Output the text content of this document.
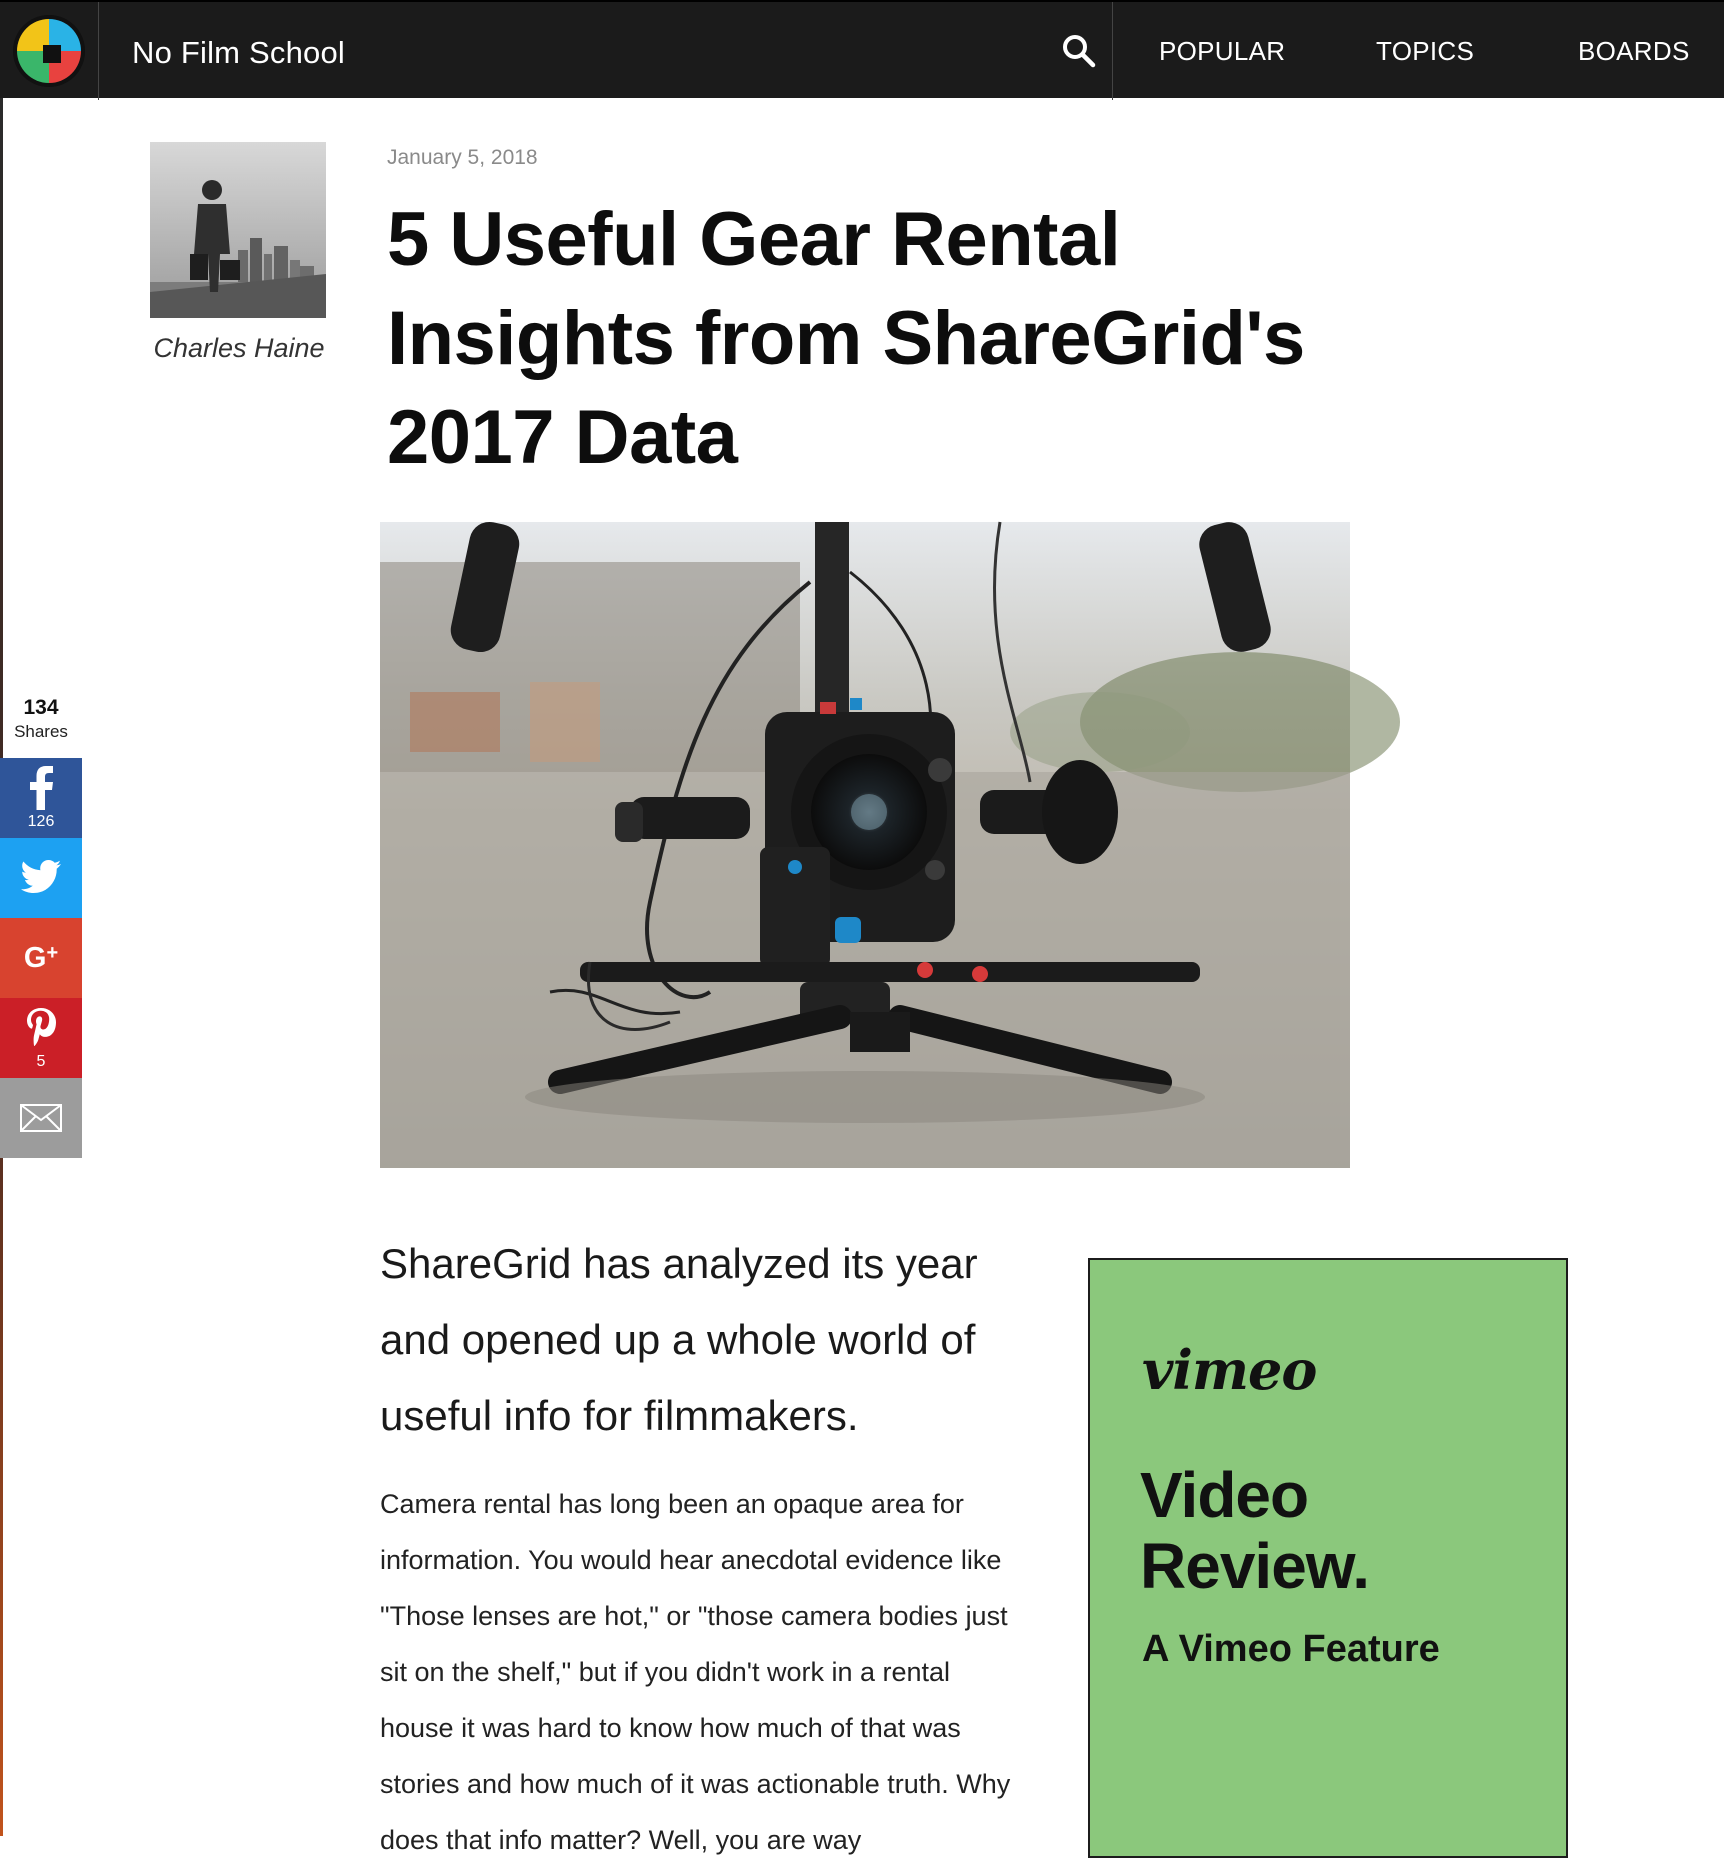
No Film School	POPULAR	TOPICS	BOARDS
Charles Haine
January 5, 2018
5 Useful Gear Rental Insights from ShareGrid's 2017 Data
134
Shares
126
G+
5

ShareGrid has analyzed its year and opened up a whole world of useful info for filmmakers.

Camera rental has long been an opaque area for information. You would hear anecdotal evidence like "Those lenses are hot," or "those camera bodies just sit on the shelf," but if you didn't work in a rental house it was hard to know how much of that was stories and how much of it was actionable truth. Why does that info matter? Well, you are way

vimeo
Video Review.
A Vimeo Feature
